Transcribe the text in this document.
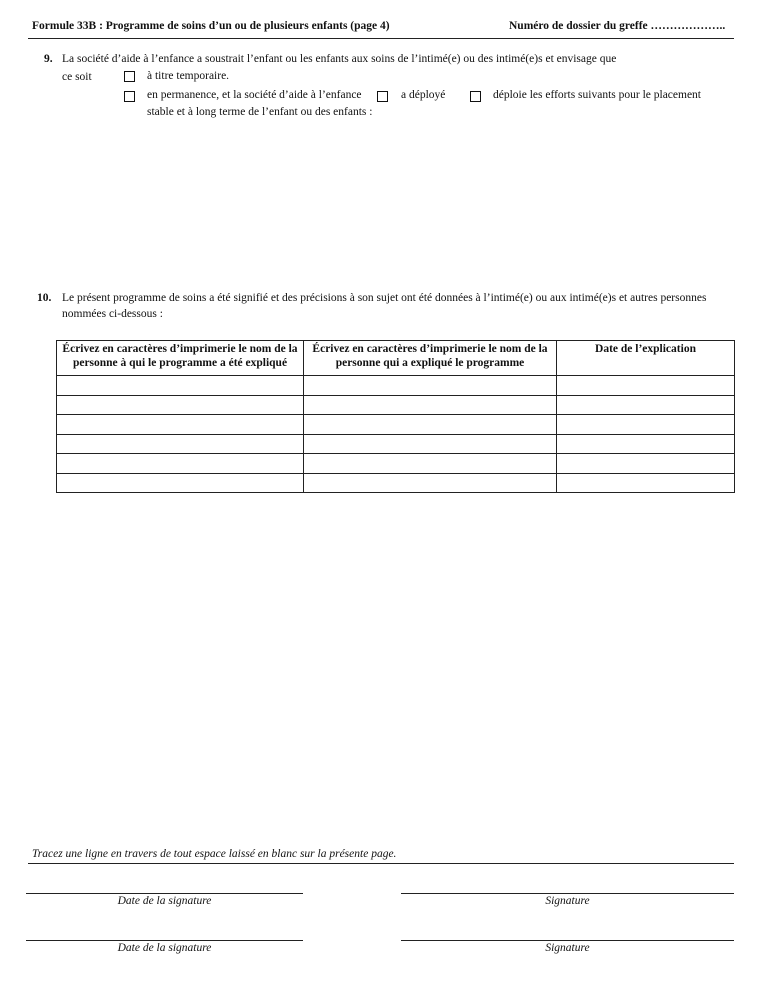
Formule 33B : Programme de soins d’un ou de plusieurs enfants (page 4)	Numéro de dossier du greffe ………………..
9. La société d’aide à l’enfance a soustrait l’enfant ou les enfants aux soins de l’intimé(e) ou des intimé(e)s et envisage que
ce soit	à titre temporaire.
en permanence, et la société d’aide à l’enfance	a déployé	déploie les efforts suivants pour le placement
stable et à long terme de l’enfant ou des enfants :
10. Le présent programme de soins a été signifié et des précisions à son sujet ont été données à l’intimé(e) ou aux intimé(e)s et autres personnes
nommées ci-dessous :
Écrivez en caractères d’imprimerie le nom de la personne à qui le programme a été expliqué	Écrivez en caractères d’imprimerie le nom de la personne qui a expliqué le programme	Date de l’explication

Tracez une ligne en travers de tout espace laissé en blanc sur la présente page.
Date de la signature	Signature
Date de la signature	Signature
